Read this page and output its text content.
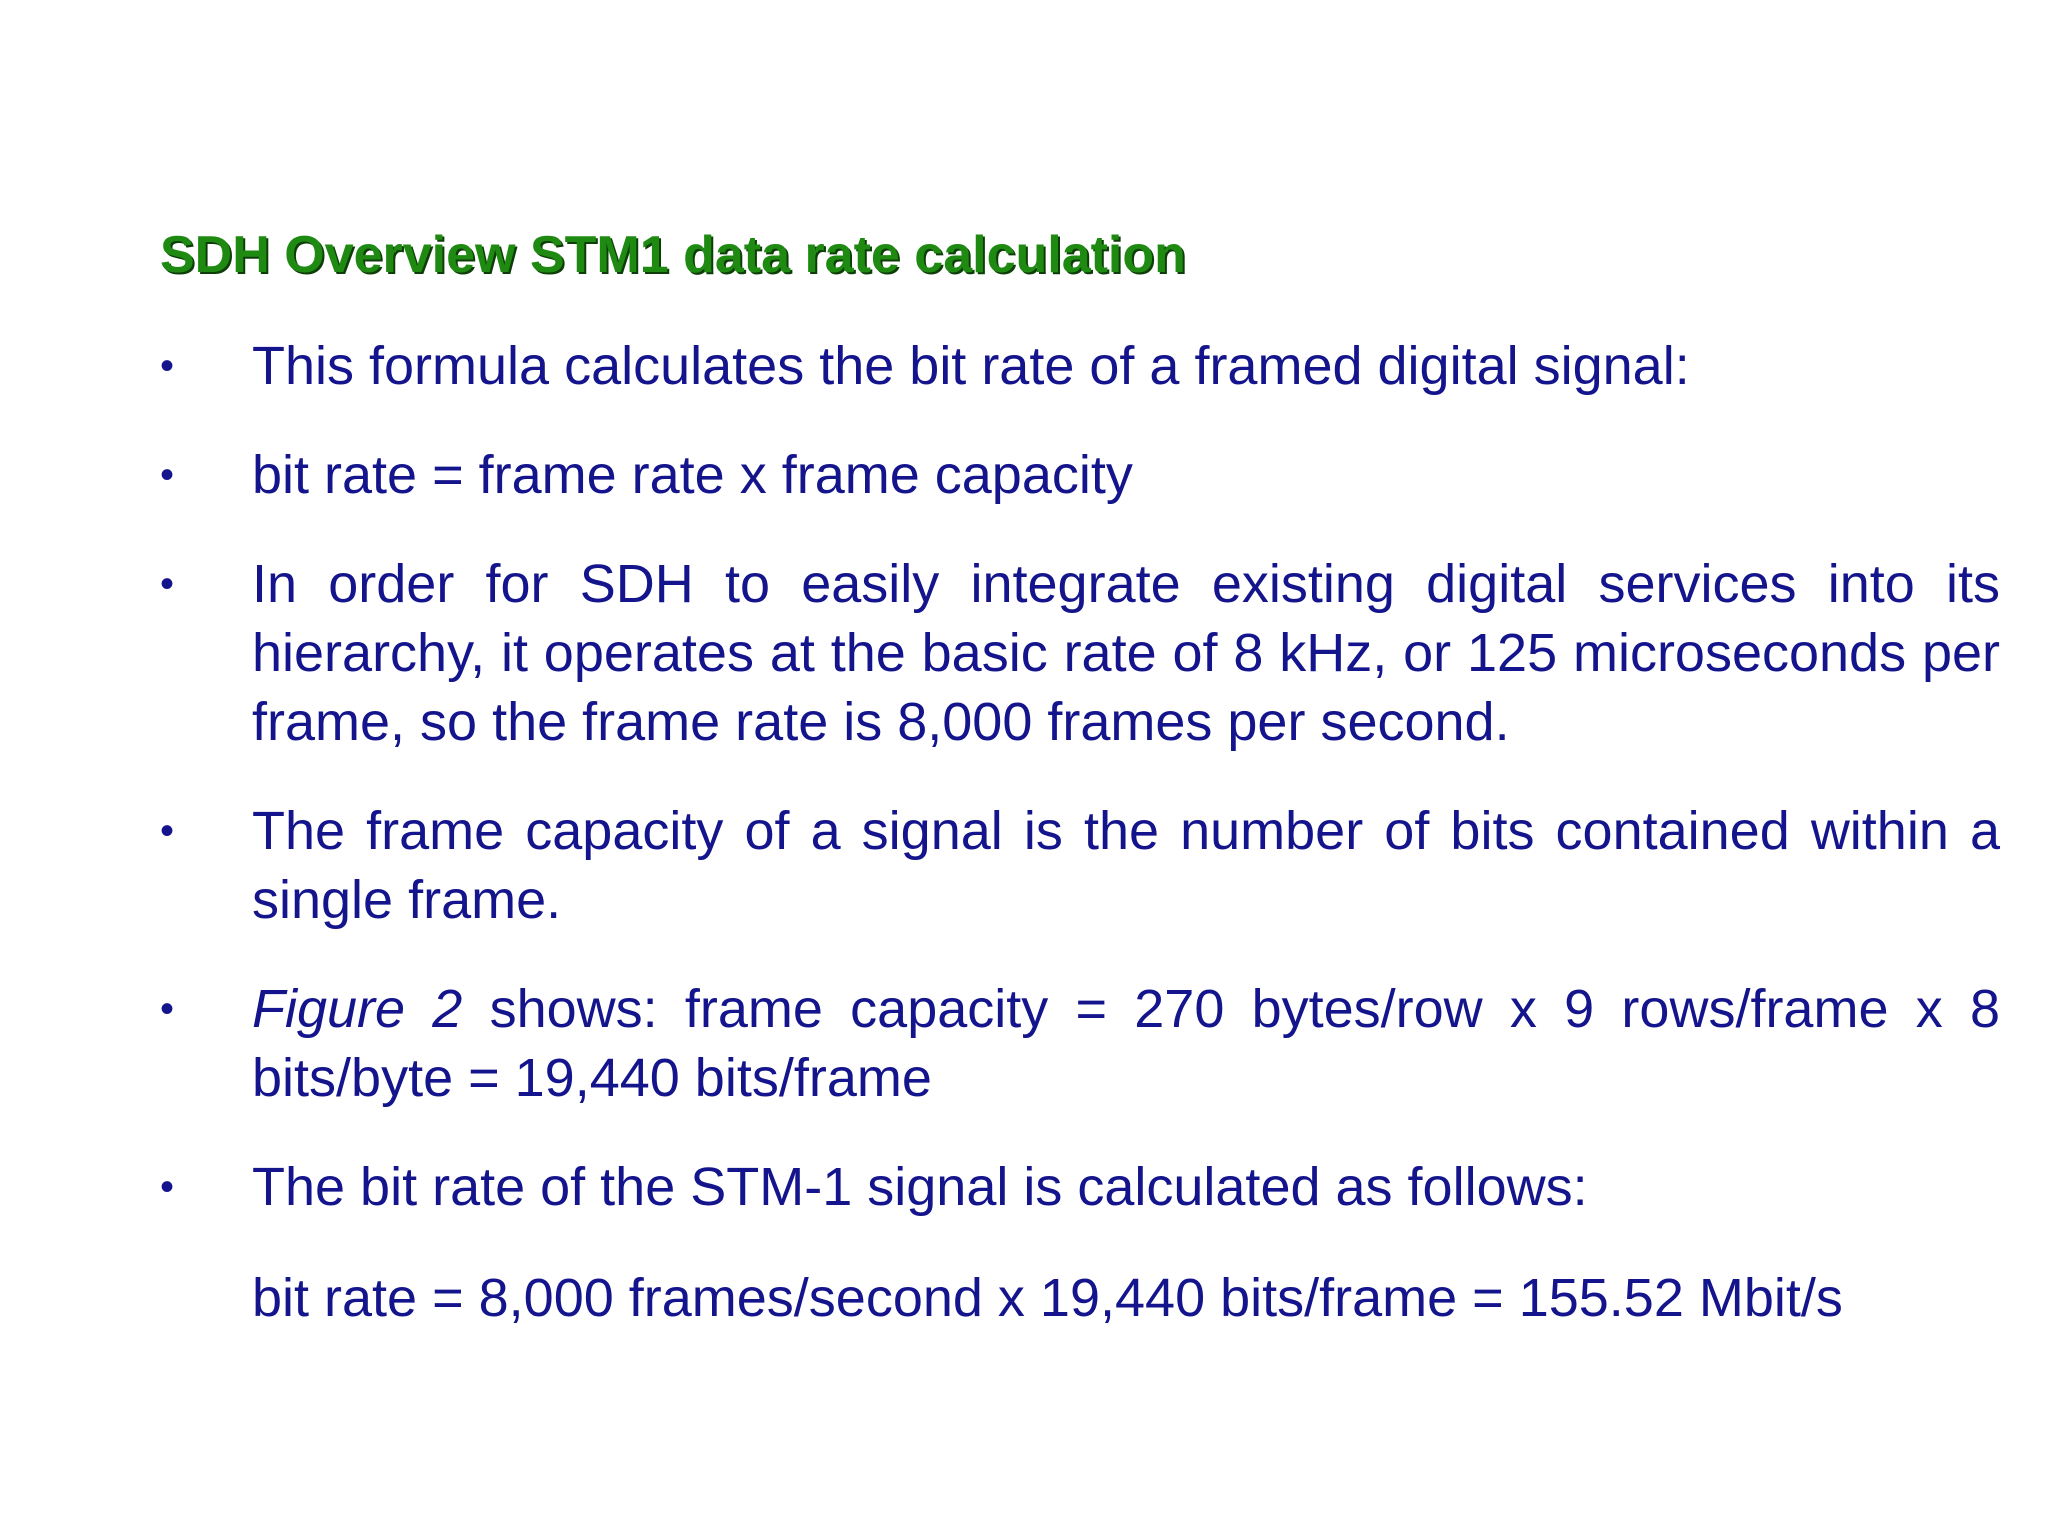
SDH Overview STM1 data rate calculation
• This formula calculates the bit rate of a framed digital signal:
• bit rate = frame rate x frame capacity
• In order for SDH to easily integrate existing digital services into its hierarchy, it operates at the basic rate of 8 kHz, or 125 microseconds per frame, so the frame rate is 8,000 frames per second.
• The frame capacity of a signal is the number of bits contained within a single frame.
• Figure 2 shows: frame capacity = 270 bytes/row x 9 rows/frame x 8 bits/byte = 19,440 bits/frame
• The bit rate of the STM-1 signal is calculated as follows:
bit rate = 8,000 frames/second x 19,440 bits/frame = 155.52 Mbit/s
